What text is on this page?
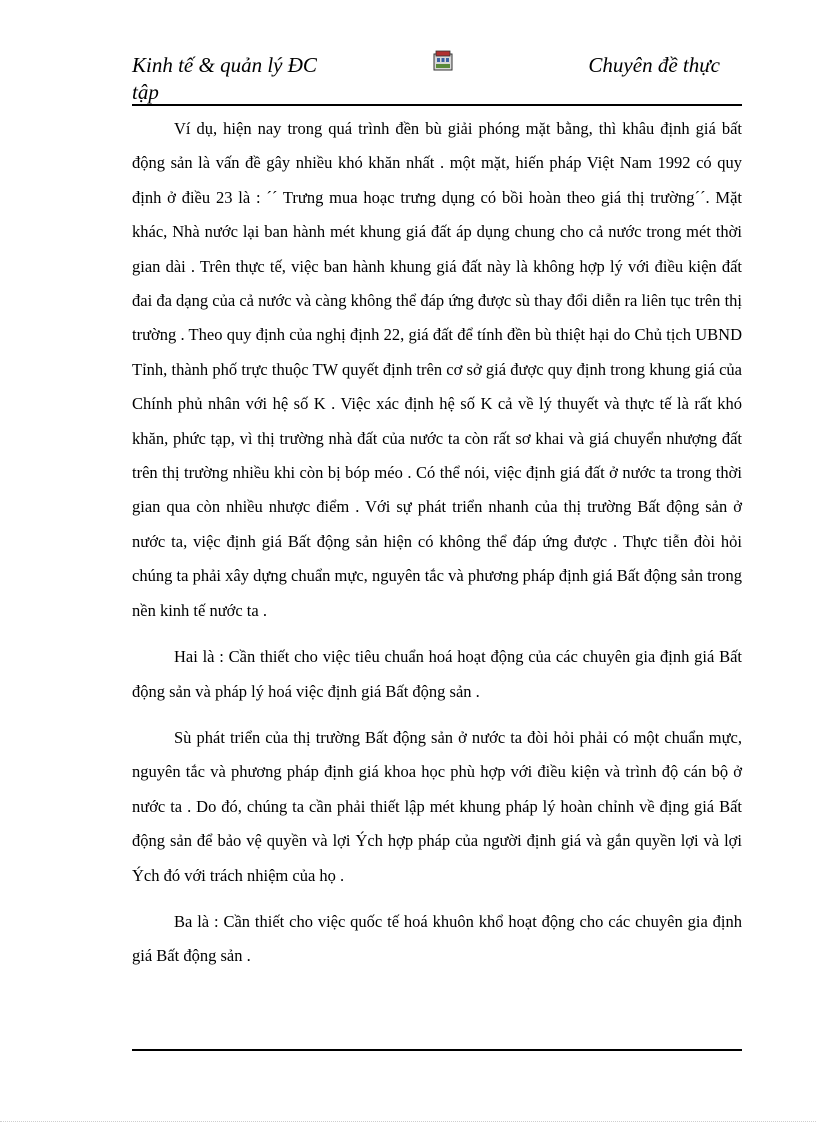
Kinh tế & quản lý ĐC tập
Chuyên đề thực

Ví dụ, hiện nay trong quá trình đền bù giải phóng mặt bằng, thì khâu định giá bất động sản là vấn đề gây nhiều khó khăn nhất . một mặt, hiến pháp Việt Nam 1992 có quy định ở điều 23 là : ´´ Trưng mua hoạc trưng dụng có bồi hoàn theo giá thị trường´´. Mặt khác, Nhà nước lại ban hành mét khung giá đất áp dụng chung cho cả nước trong mét thời gian dài . Trên thực tế, việc ban hành khung giá đất này là không hợp lý với điều kiện đất đai đa dạng của cả nước và càng không thể đáp ứng được sù thay đổi diễn ra liên tục trên thị trường . Theo quy định của nghị định 22, giá đất để tính đền bù thiệt hại do Chủ tịch UBND Tỉnh, thành phố trực thuộc TW quyết định trên cơ sở giá được quy định trong khung giá của Chính phủ nhân với hệ số K . Việc xác định hệ số K cả về lý thuyết và thực tế là rất khó khăn, phức tạp, vì thị trường nhà đất của nước ta còn rất sơ khai và giá chuyển nhượng đất trên thị trường nhiều khi còn bị bóp méo . Có thể nói, việc định giá đất ở nước ta trong thời gian qua còn nhiều nhược điểm . Với sự phát triển nhanh của thị trường Bất động sản ở nước ta, việc định giá Bất động sản hiện có không thể đáp ứng được . Thực tiễn đòi hỏi chúng ta phải xây dựng chuẩn mực, nguyên tắc và phương pháp định giá Bất động sản trong nền kinh tế nước ta .

Hai là : Cần thiết cho việc tiêu chuẩn hoá hoạt động của các chuyên gia định giá Bất động sản và pháp lý hoá việc định giá Bất động sản .

Sù phát triển của thị trường Bất động sản ở nước ta đòi hỏi phải có một chuẩn mực, nguyên tắc và phương pháp định giá khoa học phù hợp với điều kiện và trình độ cán bộ ở nước ta . Do đó, chúng ta cần phải thiết lập mét khung pháp lý hoàn chỉnh về địng giá Bất động sản để bảo vệ quyền và lợi Ých hợp pháp của người định giá và gắn quyền lợi và lợi Ých đó với trách nhiệm của họ .

Ba là : Cần thiết cho việc quốc tế hoá khuôn khổ hoạt động cho các chuyên gia định giá Bất động sản .
